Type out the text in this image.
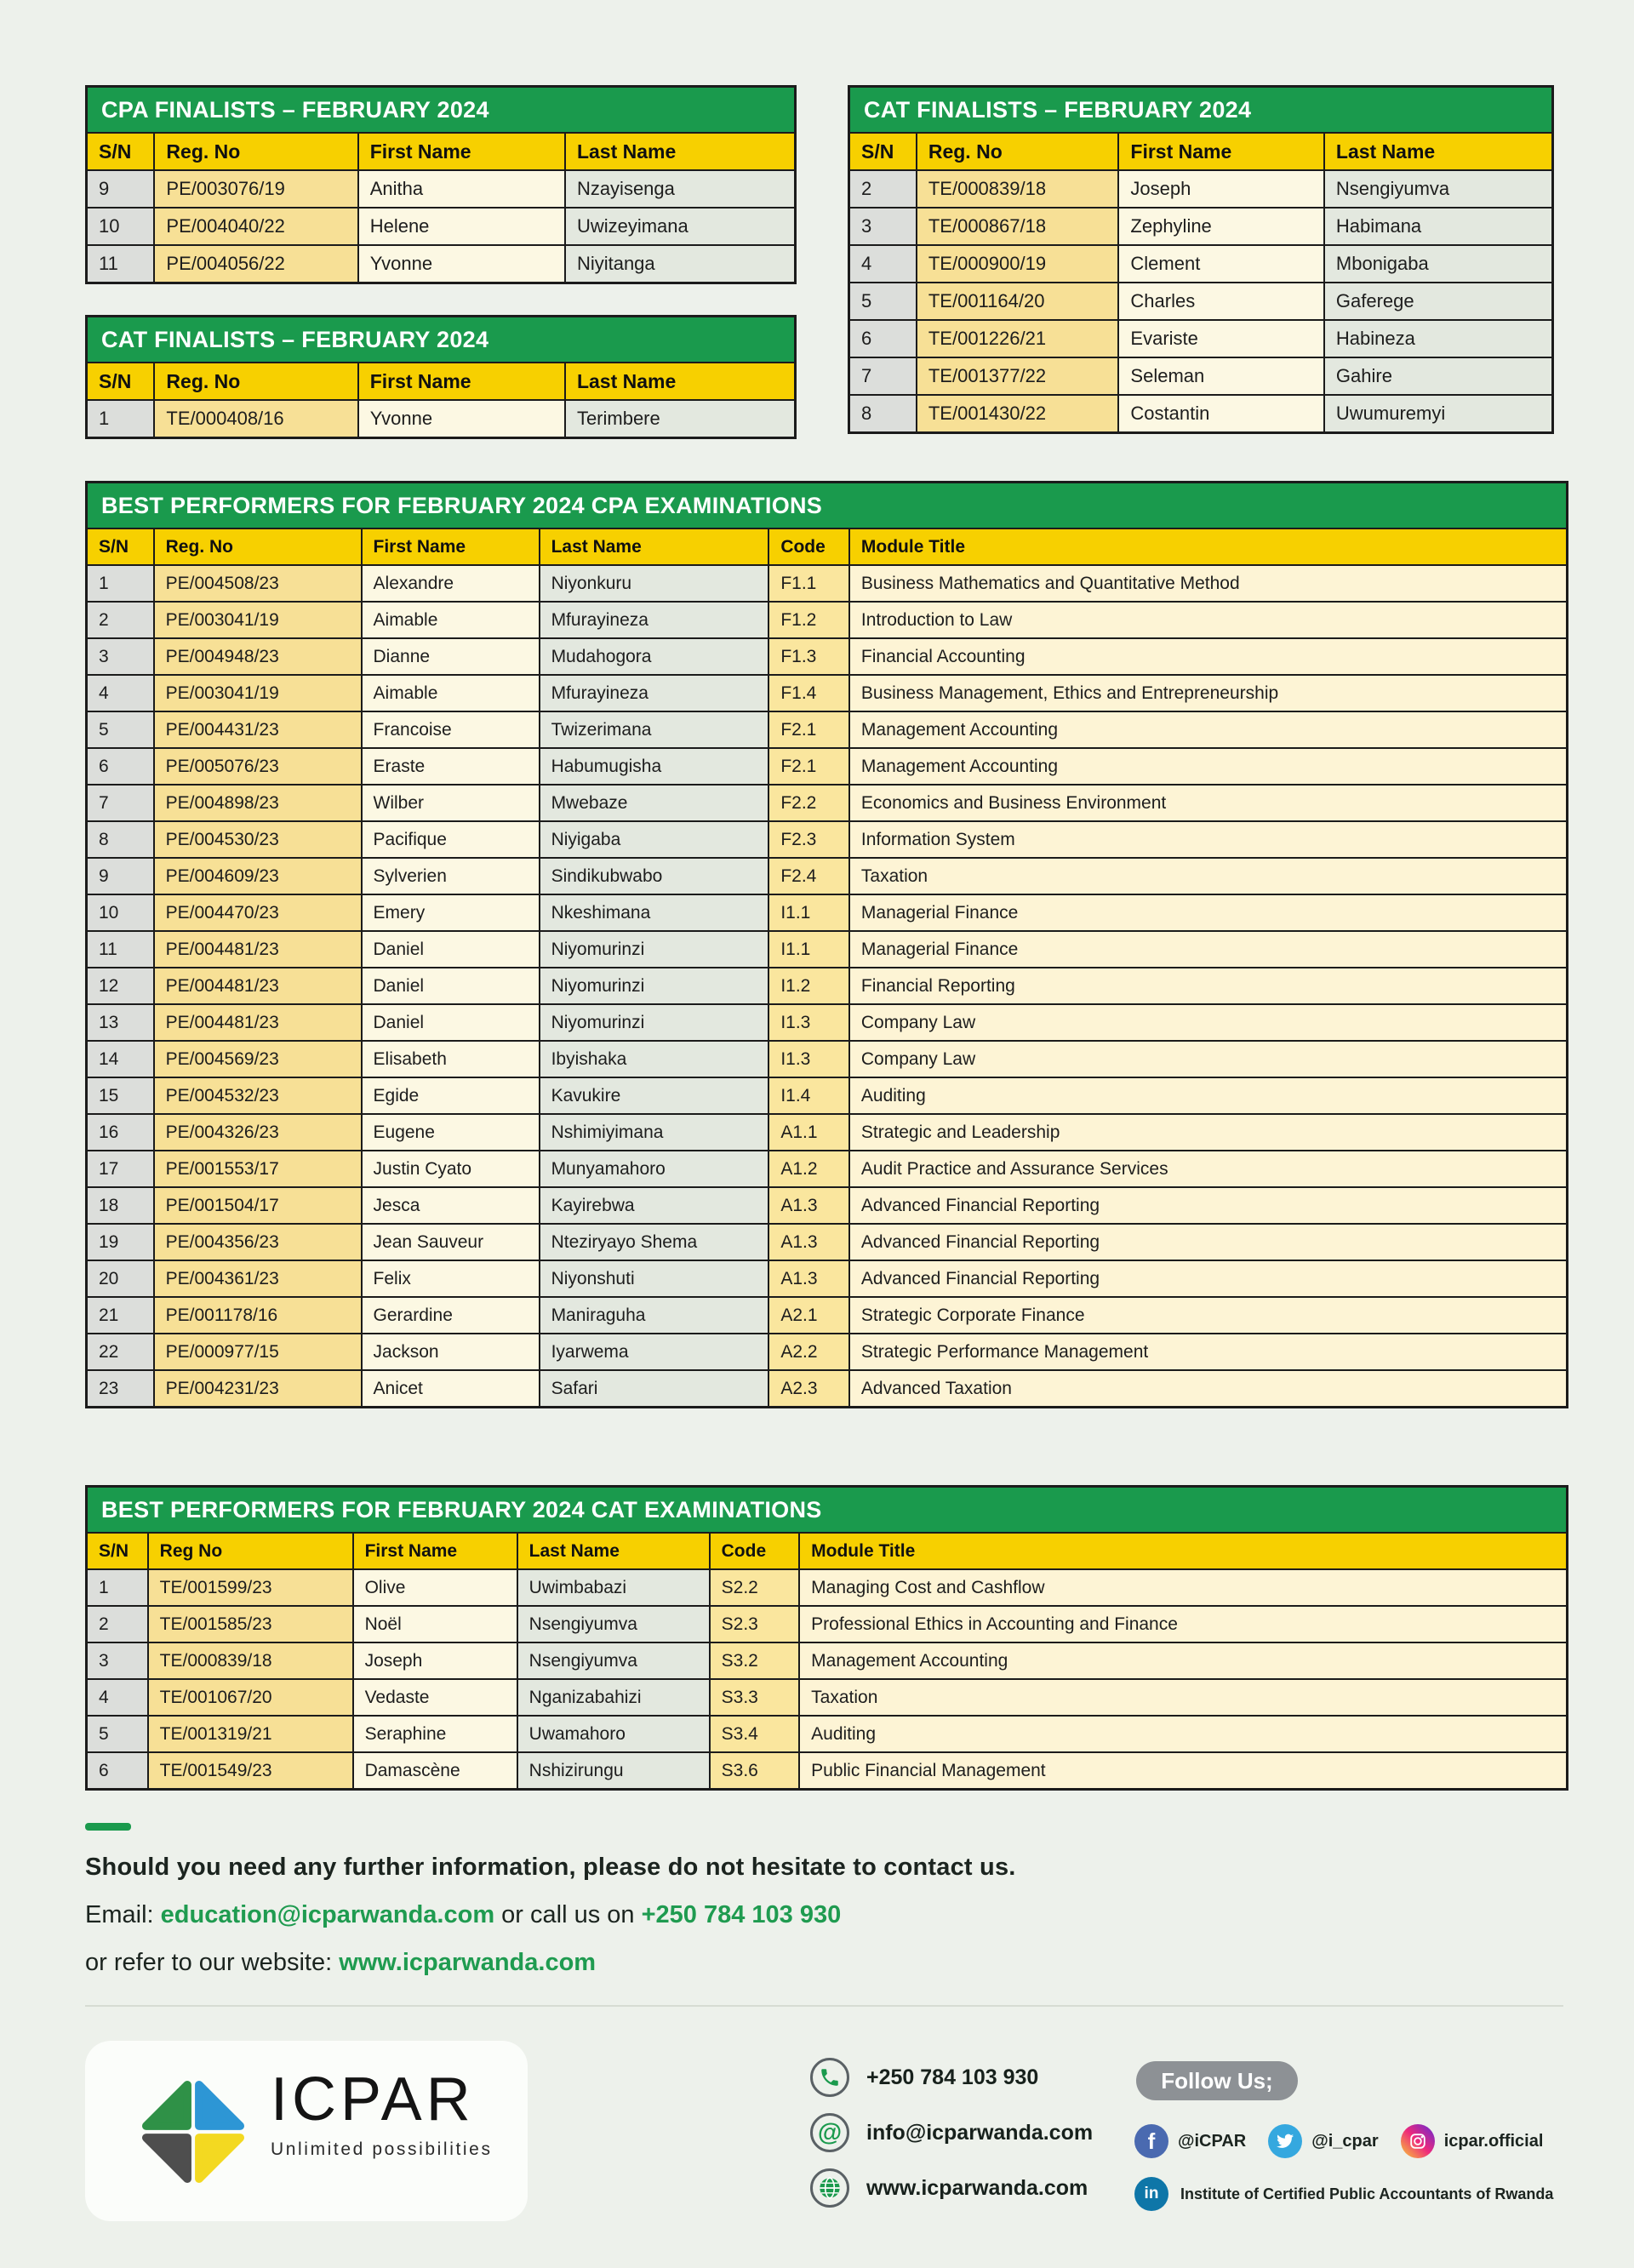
CPA FINALISTS – FEBRUARY 2024
S/N	Reg. No	First Name	Last Name
9	PE/003076/19	Anitha	Nzayisenga
10	PE/004040/22	Helene	Uwizeyimana
11	PE/004056/22	Yvonne	Niyitanga
CAT FINALISTS – FEBRUARY 2024
S/N	Reg. No	First Name	Last Name
1	TE/000408/16	Yvonne	Terimbere
CAT FINALISTS – FEBRUARY 2024
S/N	Reg. No	First Name	Last Name
2	TE/000839/18	Joseph	Nsengiyumva
3	TE/000867/18	Zephyline	Habimana
4	TE/000900/19	Clement	Mbonigaba
5	TE/001164/20	Charles	Gaferege
6	TE/001226/21	Evariste	Habineza
7	TE/001377/22	Seleman	Gahire
8	TE/001430/22	Costantin	Uwumuremyi
BEST PERFORMERS FOR FEBRUARY 2024 CPA EXAMINATIONS
S/N	Reg. No	First Name	Last Name	Code	Module Title
1	PE/004508/23	Alexandre	Niyonkuru	F1.1	Business Mathematics and Quantitative Method
2	PE/003041/19	Aimable	Mfurayineza	F1.2	Introduction to Law
3	PE/004948/23	Dianne	Mudahogora	F1.3	Financial Accounting
4	PE/003041/19	Aimable	Mfurayineza	F1.4	Business Management, Ethics and Entrepreneurship
5	PE/004431/23	Francoise	Twizerimana	F2.1	Management Accounting
6	PE/005076/23	Eraste	Habumugisha	F2.1	Management Accounting
7	PE/004898/23	Wilber	Mwebaze	F2.2	Economics and Business Environment
8	PE/004530/23	Pacifique	Niyigaba	F2.3	Information System
9	PE/004609/23	Sylverien	Sindikubwabo	F2.4	Taxation
10	PE/004470/23	Emery	Nkeshimana	I1.1	Managerial Finance
11	PE/004481/23	Daniel	Niyomurinzi	I1.1	Managerial Finance
12	PE/004481/23	Daniel	Niyomurinzi	I1.2	Financial Reporting
13	PE/004481/23	Daniel	Niyomurinzi	I1.3	Company Law
14	PE/004569/23	Elisabeth	Ibyishaka	I1.3	Company Law
15	PE/004532/23	Egide	Kavukire	I1.4	Auditing
16	PE/004326/23	Eugene	Nshimiyimana	A1.1	Strategic and Leadership
17	PE/001553/17	Justin Cyato	Munyamahoro	A1.2	Audit Practice and Assurance Services
18	PE/001504/17	Jesca	Kayirebwa	A1.3	Advanced Financial Reporting
19	PE/004356/23	Jean Sauveur	Nteziryayo Shema	A1.3	Advanced Financial Reporting
20	PE/004361/23	Felix	Niyonshuti	A1.3	Advanced Financial Reporting
21	PE/001178/16	Gerardine	Maniraguha	A2.1	Strategic Corporate Finance
22	PE/000977/15	Jackson	Iyarwema	A2.2	Strategic Performance Management
23	PE/004231/23	Anicet	Safari	A2.3	Advanced Taxation
BEST PERFORMERS FOR FEBRUARY 2024 CAT EXAMINATIONS
S/N	Reg No	First Name	Last Name	Code	Module Title
1	TE/001599/23	Olive	Uwimbabazi	S2.2	Managing Cost and Cashflow
2	TE/001585/23	Noël	Nsengiyumva	S2.3	Professional Ethics in Accounting and Finance
3	TE/000839/18	Joseph	Nsengiyumva	S3.2	Management Accounting
4	TE/001067/20	Vedaste	Nganizabahizi	S3.3	Taxation
5	TE/001319/21	Seraphine	Uwamahoro	S3.4	Auditing
6	TE/001549/23	Damascène	Nshizirungu	S3.6	Public Financial Management

Should you need any further information, please do not hesitate to contact us.

Email: education@icparwanda.com or call us on +250 784 103 930

or refer to our website: www.icparwanda.com

ICPAR
Unlimited possibilities
+250 784 103 930
@ info@icparwanda.com
www.icparwanda.com
Follow Us;
f	@iCPAR	@i_cpar	icpar.official
in	Institute of Certified Public Accountants of Rwanda
